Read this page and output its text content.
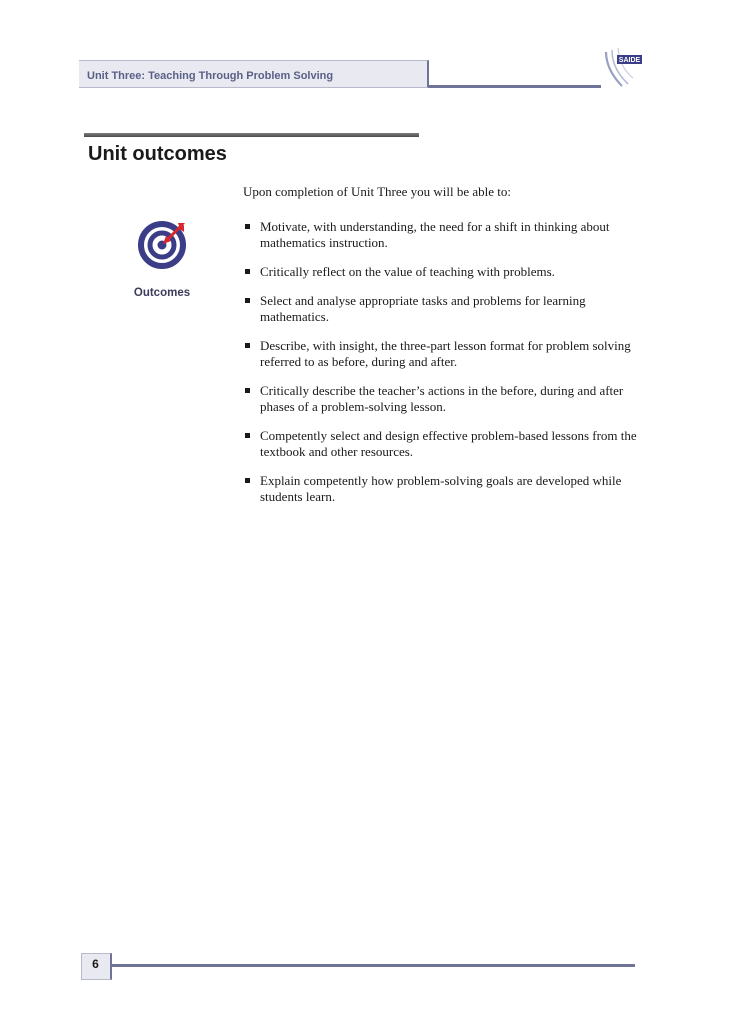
Unit Three: Teaching Through Problem Solving
SAIDE
Unit outcomes
Outcomes
Upon completion of Unit Three you will be able to:
Motivate, with understanding, the need for a shift in thinking about mathematics instruction.
Critically reflect on the value of teaching with problems.
Select and analyse appropriate tasks and problems for learning mathematics.
Describe, with insight, the three-part lesson format for problem solving referred to as before, during and after.
Critically describe the teacher’s actions in the before, during and after phases of a problem-solving lesson.
Competently select and design effective problem-based lessons from the textbook and other resources.
Explain competently how problem-solving goals are developed while students learn.
6
